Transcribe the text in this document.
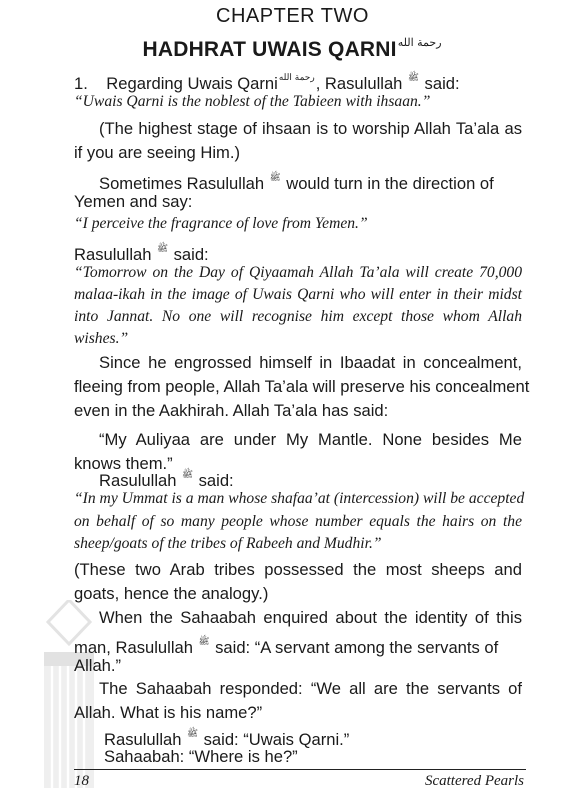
CHAPTER TWO
HADHRAT UWAIS $QARNI^{رحمة الله}$
1. Regarding Uwais Qarni$^{رحمة الله}$, Rasulullah $^ﷺ$ said:
“Uwais Qarni is the noblest of the Tabieen with ihsaan.”
(The highest stage of ihsaan is to worship Allah Ta’ala as
if you are seeing Him.)
Sometimes Rasulullah $^ﷺ$ would turn in the direction of
Yemen and say:
“I perceive the fragrance of love from Yemen.”
Rasulullah $^ﷺ$ said:
“Tomorrow on the Day of Qiyaamah Allah Ta’ala will create 70,000
malaa-ikah in the image of Uwais Qarni who will enter in their midst
into Jannat. No one will recognise him except those whom Allah
wishes.”
Since he engrossed himself in Ibaadat in concealment,
fleeing from people, Allah Ta’ala will preserve his concealment
even in the Aakhirah. Allah Ta’ala has said:
“My Auliyaa are under My Mantle. None besides Me
knows them.”
Rasulullah $^ﷺ$ said:
“In my Ummat is a man whose shafaa’at (intercession) will be accepted
on behalf of so many people whose number equals the hairs on the
sheep/goats of the tribes of Rabeeh and Mudhir.”
(These two Arab tribes possessed the most sheeps and
goats, hence the analogy.)
When the Sahaabah enquired about the identity of this
man, Rasulullah $^ﷺ$ said: “A servant among the servants of
Allah.”
The Sahaabah responded: “We all are the servants of
Allah. What is his name?”
Rasulullah $^ﷺ$ said: “Uwais Qarni.”
Sahaabah: “Where is he?”
18	Scattered Pearls
